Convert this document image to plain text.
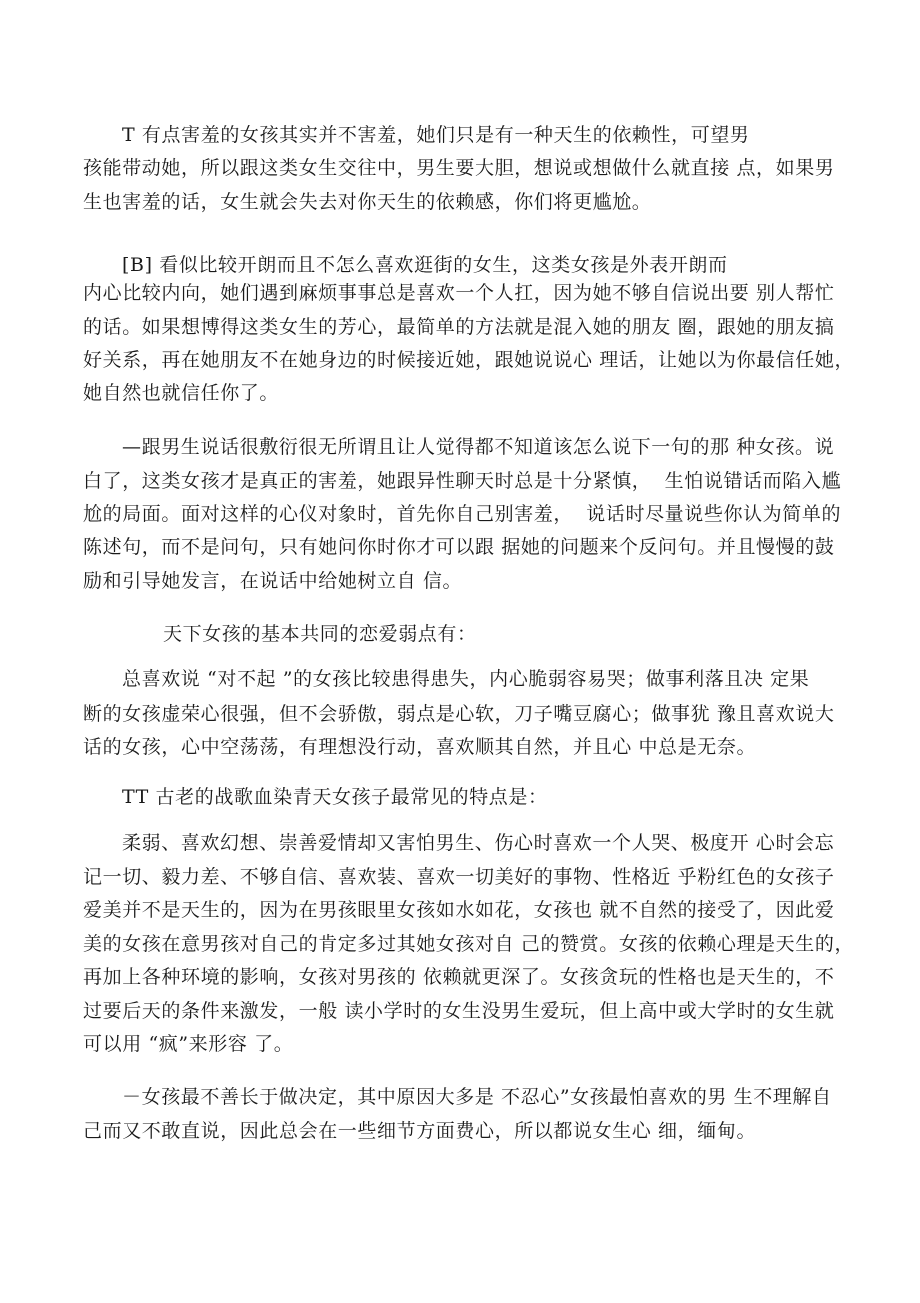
T 有点害羞的女孩其实并不害羞，她们只是有一种天生的依赖性，可望男
孩能带动她，所以跟这类女生交往中，男生要大胆，想说或想做什么就直接 点，如果男
生也害羞的话，女生就会失去对你天生的依赖感，你们将更尴尬。
[B] 看似比较开朗而且不怎么喜欢逛街的女生，这类女孩是外表开朗而
内心比较内向，她们遇到麻烦事事总是喜欢一个人扛，因为她不够自信说出要 别人帮忙
的话。如果想博得这类女生的芳心，最简单的方法就是混入她的朋友 圈，跟她的朋友搞
好关系，再在她朋友不在她身边的时候接近她，跟她说说心 理话，让她以为你最信任她，
她自然也就信任你了。
—跟男生说话很敷衍很无所谓且让人觉得都不知道该怎么说下一句的那 种女孩。说
白了，这类女孩才是真正的害羞，她跟异性聊天时总是十分紧慎，  生怕说错话而陷入尴
尬的局面。面对这样的心仪对象时，首先你自己别害羞，  说话时尽量说些你认为简单的
陈述句，而不是问句，只有她问你时你才可以跟 据她的问题来个反问句。并且慢慢的鼓
励和引导她发言，在说话中给她树立自 信。
天下女孩的基本共同的恋爱弱点有：
总喜欢说 “对不起 ”的女孩比较患得患失，内心脆弱容易哭；做事利落且决 定果
断的女孩虚荣心很强，但不会骄傲，弱点是心软，刀子嘴豆腐心；做事犹 豫且喜欢说大
话的女孩，心中空荡荡，有理想没行动，喜欢顺其自然，并且心 中总是无奈。
TT 古老的战歌血染青天女孩子最常见的特点是：
柔弱、喜欢幻想、崇善爱情却又害怕男生、伤心时喜欢一个人哭、极度开 心时会忘
记一切、毅力差、不够自信、喜欢装、喜欢一切美好的事物、性格近 乎粉红色的女孩子
爱美并不是天生的，因为在男孩眼里女孩如水如花，女孩也 就不自然的接受了，因此爱
美的女孩在意男孩对自己的肯定多过其她女孩对自 己的赞赏。女孩的依赖心理是天生的，
再加上各种环境的影响，女孩对男孩的 依赖就更深了。女孩贪玩的性格也是天生的，不
过要后天的条件来激发，一般 读小学时的女生没男生爱玩，但上高中或大学时的女生就
可以用 “疯”来形容 了。
－女孩最不善长于做决定，其中原因大多是 不忍心”女孩最怕喜欢的男 生不理解自
己而又不敢直说，因此总会在一些细节方面费心，所以都说女生心 细，缅甸。
